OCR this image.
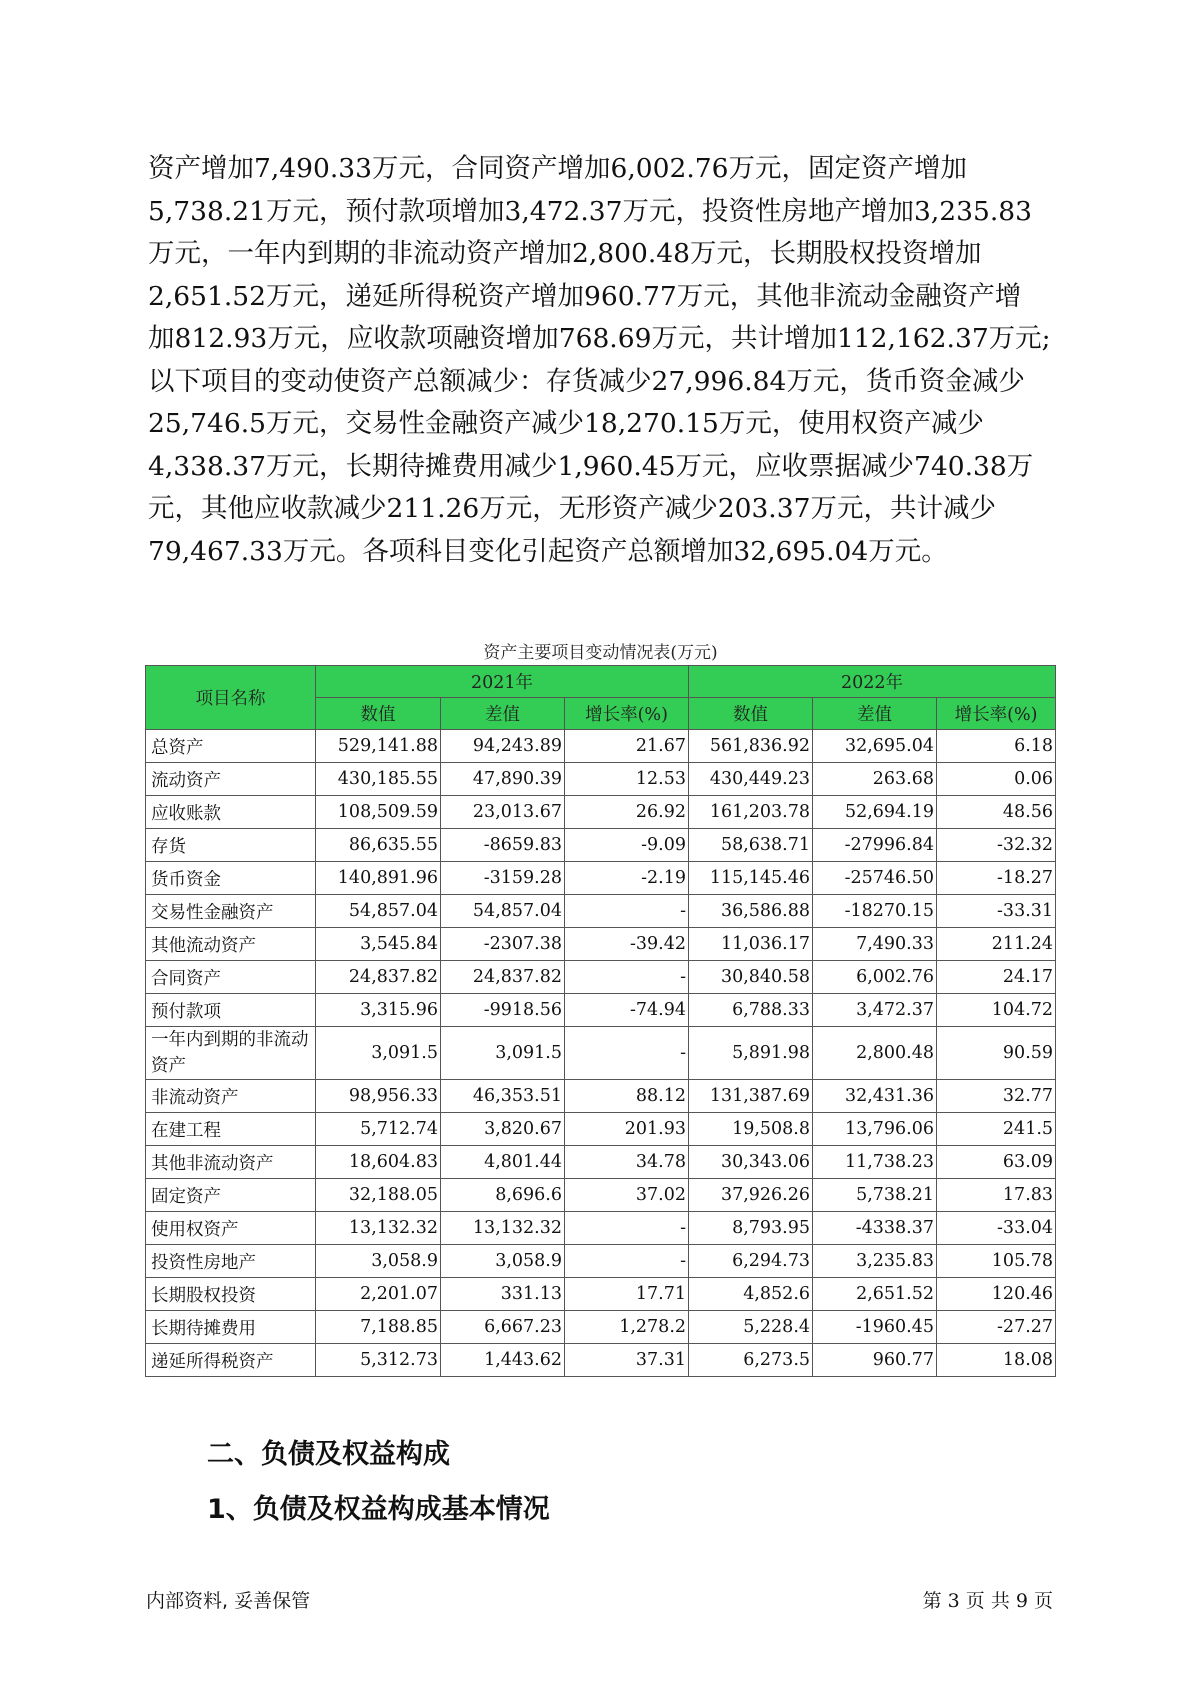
资产增加7,490.33万元，合同资产增加6,002.76万元，固定资产增加
5,738.21万元，预付款项增加3,472.37万元，投资性房地产增加3,235.83
万元，一年内到期的非流动资产增加2,800.48万元，长期股权投资增加
2,651.52万元，递延所得税资产增加960.77万元，其他非流动金融资产增
加812.93万元，应收款项融资增加768.69万元，共计增加112,162.37万元;
以下项目的变动使资产总额减少：存货减少27,996.84万元，货币资金减少
25,746.5万元，交易性金融资产减少18,270.15万元，使用权资产减少
4,338.37万元，长期待摊费用减少1,960.45万元，应收票据减少740.38万
元，其他应收款减少211.26万元，无形资产减少203.37万元，共计减少
79,467.33万元。各项科目变化引起资产总额增加32,695.04万元。
资产主要项目变动情况表(万元)
项目名称	2021年			2022年		
	数值	差值	增长率(%)	数值	差值	增长率(%)
总资产	529,141.88	94,243.89	21.67	561,836.92	32,695.04	6.18
流动资产	430,185.55	47,890.39	12.53	430,449.23	263.68	0.06
应收账款	108,509.59	23,013.67	26.92	161,203.78	52,694.19	48.56
存货	86,635.55	-8659.83	-9.09	58,638.71	-27996.84	-32.32
货币资金	140,891.96	-3159.28	-2.19	115,145.46	-25746.50	-18.27
交易性金融资产	54,857.04	54,857.04	-	36,586.88	-18270.15	-33.31
其他流动资产	3,545.84	-2307.38	-39.42	11,036.17	7,490.33	211.24
合同资产	24,837.82	24,837.82	-	30,840.58	6,002.76	24.17
预付款项	3,315.96	-9918.56	-74.94	6,788.33	3,472.37	104.72
一年内到期的非流动资产	3,091.5	3,091.5	-	5,891.98	2,800.48	90.59
非流动资产	98,956.33	46,353.51	88.12	131,387.69	32,431.36	32.77
在建工程	5,712.74	3,820.67	201.93	19,508.8	13,796.06	241.5
其他非流动资产	18,604.83	4,801.44	34.78	30,343.06	11,738.23	63.09
固定资产	32,188.05	8,696.6	37.02	37,926.26	5,738.21	17.83
使用权资产	13,132.32	13,132.32	-	8,793.95	-4338.37	-33.04
投资性房地产	3,058.9	3,058.9	-	6,294.73	3,235.83	105.78
长期股权投资	2,201.07	331.13	17.71	4,852.6	2,651.52	120.46
长期待摊费用	7,188.85	6,667.23	1,278.2	5,228.4	-1960.45	-27.27
递延所得税资产	5,312.73	1,443.62	37.31	6,273.5	960.77	18.08
二、负债及权益构成
1、负债及权益构成基本情况
内部资料, 妥善保管	第 3 页 共 9 页
